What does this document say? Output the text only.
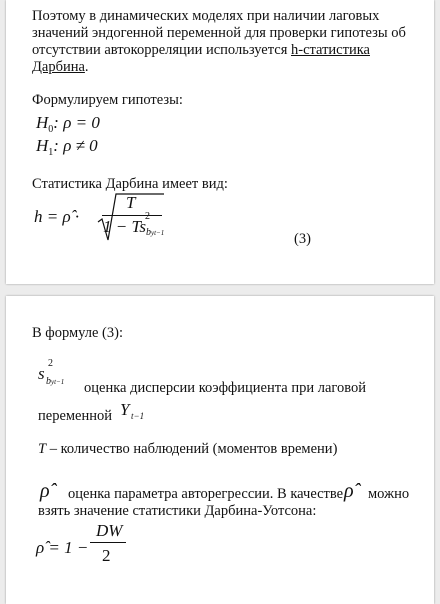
Поэтому в динамических моделях при наличии лаговых
значений эндогенной переменной для проверки гипотезы об
отсутствии автокорреляции используется h-статистика
Дарбина.
Формулируем гипотезы:
$H_0$: ρ = 0
$H_1$: ρ ≠ 0
Статистика Дарбина имеет вид:
h = ρ̂ ·
T
1 − Ts
2
byt−1	(3)
В формуле (3):
s
2
byt−1 оценка дисперсии коэффициента при лаговой
переменной Y t−1
T – количество наблюдений (моментов времени)
ρ̂ оценка параметра авторегрессии. В качестве ρ̂ можно
взять значение статистики Дарбина-Уотсона:
ρ̂ = 1 −
DW
2
